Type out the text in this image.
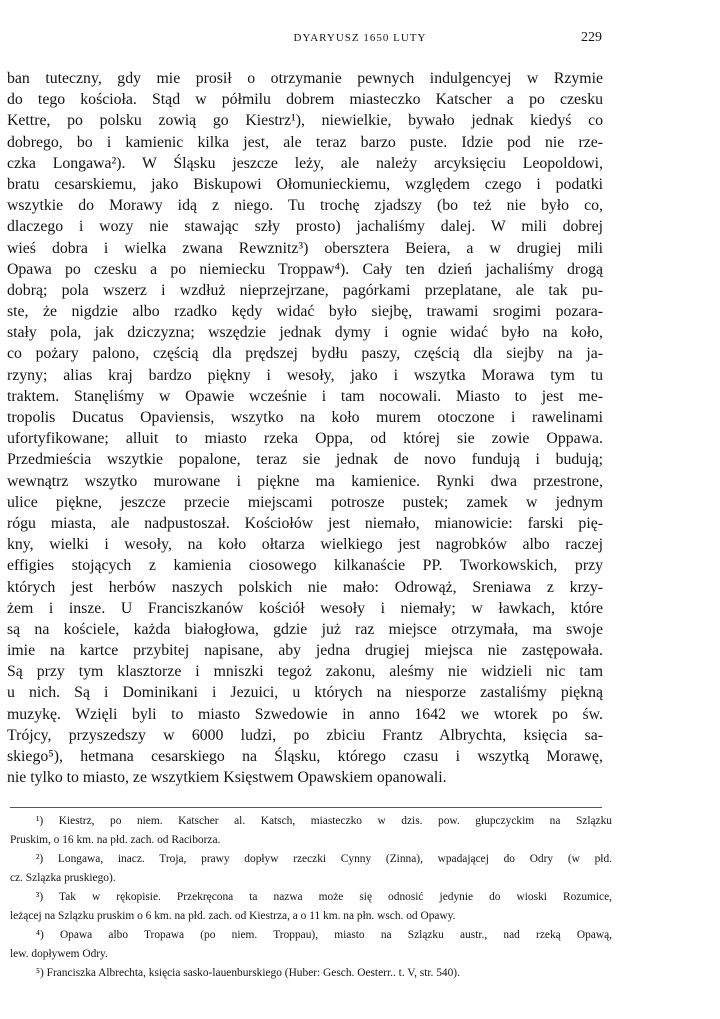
DYARYUSZ 1650 LUTY	229
ban tuteczny, gdy mie prosił o otrzymanie pewnych indulgencyej w Rzymie
do tego kościoła. Stąd w półmilu dobrem miasteczko Katscher a po czesku
Kettre, po polsku zowią go Kiestrz¹), niewielkie, bywało jednak kiedyś co
dobrego, bo i kamienic kilka jest, ale teraz barzo puste. Idzie pod nie rze-
czka Longawa²). W Śląsku jeszcze leży, ale należy arcyksięciu Leopoldowi,
bratu cesarskiemu, jako Biskupowi Ołomunieckiemu, względem czego i podatki
wszytkie do Morawy idą z niego. Tu trochę zjadszy (bo też nie było co,
dlaczego i wozy nie stawając szły prosto) jachaliśmy dalej. W mili dobrej
wieś dobra i wielka zwana Rewznitz³) obersztera Beiera, a w drugiej mili
Opawa po czesku a po niemiecku Troppaw⁴). Cały ten dzień jachaliśmy drogą
dobrą; pola wszerz i wzdłuż nieprzejrzane, pagórkami przeplatane, ale tak pu-
ste, że nigdzie albo rzadko kędy widać było siejbę, trawami srogimi pozara-
stały pola, jak dziczyzna; wszędzie jednak dymy i ognie widać było na koło,
co pożary palono, częścią dla prędszej bydłu paszy, częścią dla siejby na ja-
rzyny; alias kraj bardzo piękny i wesoły, jako i wszytka Morawa tym tu
traktem. Stanęliśmy w Opawie wcześnie i tam nocowali. Miasto to jest me-
tropolis Ducatus Opaviensis, wszytko na koło murem otoczone i rawelinami
ufortyfikowane; alluit to miasto rzeka Oppa, od której sie zowie Oppawa.
Przedmieścia wszytkie popalone, teraz sie jednak de novo fundują i budują;
wewnątrz wszytko murowane i piękne ma kamienice. Rynki dwa przestrone,
ulice piękne, jeszcze przecie miejscami potrosze pustek; zamek w jednym
rógu miasta, ale nadpustoszał. Kościołów jest niemało, mianowicie: farski pię-
kny, wielki i wesoły, na koło ołtarza wielkiego jest nagrobków albo raczej
effigies stojących z kamienia ciosowego kilkanaście PP. Tworkowskich, przy
których jest herbów naszych polskich nie mało: Odrowąż, Sreniawa z krzy-
żem i insze. U Franciszkanów kościół wesoły i niemały; w ławkach, które
są na kościele, każda białogłowa, gdzie już raz miejsce otrzymała, ma swoje
imie na kartce przybitej napisane, aby jedna drugiej miejsca nie zastępowała.
Są przy tym klasztorze i mniszki tegoż zakonu, aleśmy nie widzieli nic tam
u nich. Są i Dominikani i Jezuici, u których na niesporze zastaliśmy piękną
muzykę. Wzięli byli to miasto Szwedowie in anno 1642 we wtorek po św.
Trójcy, przyszedszy w 6000 ludzi, po zbiciu Frantz Albrychta, księcia sa-
skiego⁵), hetmana cesarskiego na Śląsku, którego czasu i wszytką Morawę,
nie tylko to miasto, ze wszytkiem Księstwem Opawskiem opanowali.
¹) Kiestrz, po niem. Katscher al. Katsch, miasteczko w dzis. pow. głupczyckim na Szlązku
Pruskim, o 16 km. na płd. zach. od Raciborza.
²) Longawa, inacz. Troja, prawy dopływ rzeczki Cynny (Zinna), wpadającej do Odry (w płd.
cz. Szlązka pruskiego).
³) Tak w rękopisie. Przekręcona ta nazwa może się odnosić jedynie do wioski Rozumice,
leżącej na Szlązku pruskim o 6 km. na płd. zach. od Kiestrza, a o 11 km. na płn. wsch. od Opawy.
⁴) Opawa albo Tropawa (po niem. Troppau), miasto na Szlązku austr., nad rzeką Opawą,
lew. dopływem Odry.
⁵) Franciszka Albrechta, księcia sasko-lauenburskiego (Huber: Gesch. Oesterr.. t. V, str. 540).
